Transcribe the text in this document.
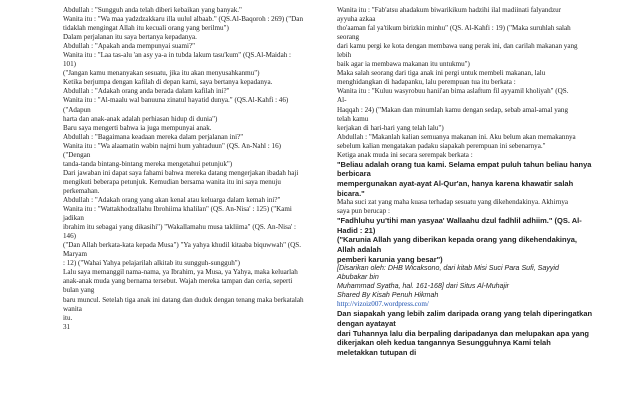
Abdullah : "Sungguh anda telah diberi kebaikan yang banyak."
Wanita itu : "Wa maa yadzdzakkaru illa uulul albaab." (QS.Al-Baqoroh : 269) ("Dan
tidaklah mengingat Allah itu kecuali orang yang berilmu")
Dalam perjalanan itu saya bertanya kepadanya.
Abdullah : "Apakah anda mempunyai suami?"
Wanita itu : "Laa tas-alu 'an asy ya-a in tubda lakum tasu'kum" (QS.Al-Maidah :
101)
("Jangan kamu menanyakan sesuatu, jika itu akan menyusahkanmu")
Ketika berjumpa dengan kafilah di depan kami, saya bertanya kepadanya.
Abdullah : "Adakah orang anda berada dalam kafilah ini?"
Wanita itu : "Al-maalu wal banuuna zinatul hayatid dunya." (QS.Al-Kahfi : 46)
("Adapun
harta dan anak-anak adalah perhiasan hidup di dunia")
Baru saya mengerti bahwa ia juga mempunyai anak.
Abdullah : "Bagaimana keadaan mereka dalam perjalanan ini?"
Wanita itu : "Wa alaamatin wabin najmi hum yahtaduun" (QS. An-Nahl : 16)
("Dengan
tanda-tanda bintang-bintang mereka mengetahui petunjuk")
Dari jawaban ini dapat saya fahami bahwa mereka datang mengerjakan ibadah haji
mengikuti beberapa petunjuk. Kemudian bersama wanita itu ini saya menuju
perkemahan.
Abdullah : "Adakah orang yang akan kenal atau keluarga dalam kemah ini?"
Wanita itu : "Wattakhodzallahu Ibrohiima khalilan" (QS. An-Nisa' : 125) ("Kami
jadikan
ibrahim itu sebagai yang dikasihi") "Wakallamahu musa takliima" (QS. An-Nisa' :
146)
("Dan Allah berkata-kata kepada Musa") "Ya yahya khudil kitaaba biquwwah" (QS.
Maryam
: 12) ("Wahai Yahya pelajarilah alkitab itu sungguh-sungguh")
Lalu saya memanggil nama-nama, ya Ibrahim, ya Musa, ya Yahya, maka keluarlah
anak-anak muda yang bernama tersebut. Wajah mereka tampan dan ceria, seperti
bulan yang
baru muncul. Setelah tiga anak ini datang dan duduk dengan tenang maka berkatalah
wanita
itu.
31
Wanita itu : "Fab'atsu ahadakum biwarikikum hadzihi ilal madiinati falyandzur
ayyuha azkaa
tho'aaman fal ya'tikum birizkin minhu" (QS. Al-Kahfi : 19) ("Maka suruhlah salah
seorang
dari kamu pergi ke kota dengan membawa uang perak ini, dan carilah makanan yang
lebih
baik agar ia membawa makanan itu untukmu")
Maka salah seorang dari tiga anak ini pergi untuk membeli makanan, lalu
menghidangkan di hadapanku, lalu perempuan tua itu berkata :
Wanita itu : "Kuluu wasyrobuu hanii'an bima aslaftum fil ayyamil kholiyah" (QS.
Al-
Haqqah : 24) ("Makan dan minumlah kamu dengan sedap, sebab amal-amal yang
telah kamu
kerjakan di hari-hari yang telah lalu")
Abdullah : "Makanlah kalian semuanya makanan ini. Aku belum akan memakannya
sebelum kalian mengatakan padaku siapakah perempuan ini sebenarnya."
Ketiga anak muda ini secara serempak berkata :
"Beliau adalah orang tua kami. Selama empat puluh tahun beliau hanya
berbicara
mempergunakan ayat-ayat Al-Qur'an, hanya karena khawatir salah
bicara."
Maha suci zat yang maha kuasa terhadap sesuatu yang dikehendakinya. Akhirnya
saya pun berucap :
"Fadhluhu yu'tihi man yasyaa' Wallaahu dzul fadhlil adhiim." (QS. Al-
Hadid : 21)
("Karunia Allah yang diberikan kepada orang yang dikehendakinya,
Allah adalah
pemberi karunia yang besar")
[Disarikan oleh: DHB Wicaksono, dari kitab Misi Suci Para Sufi, Sayyid
Abubakar bin
Muhammad Syatha, hal. 161-168] dari Situs Al-Muhajir
Shared By Kisah Penuh Hikmah
http://vizoiz007.wordpress.com/
Dan siapakah yang lebih zalim daripada orang yang telah diperingatkan
dengan ayatayat
dari Tuhannya lalu dia berpaling daripadanya dan melupakan apa yang
dikerjakan oleh kedua tangannya Sesungguhnya Kami telah
meletakkan tutupan di
